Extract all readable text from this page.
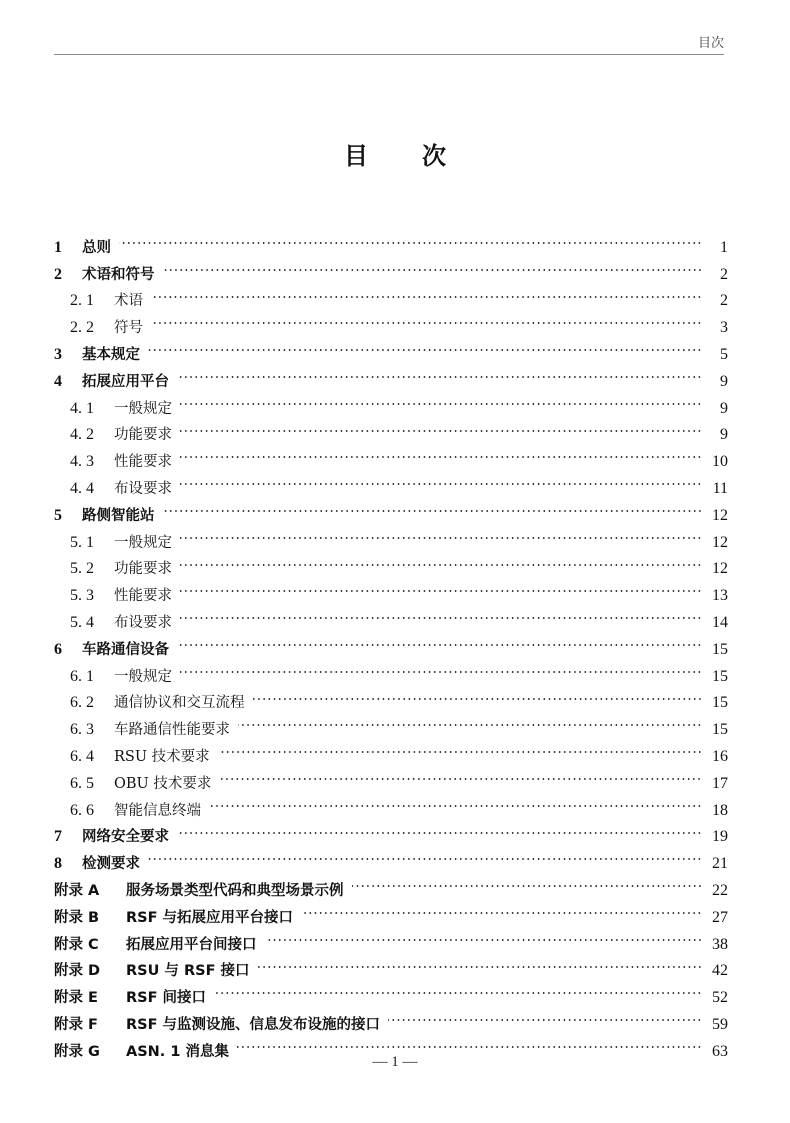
目次
目 次
1	总则	1
2	术语和符号	2
2. 1	术语	2
2. 2	符号	3
3	基本规定	5
4	拓展应用平台	9
4. 1	一般规定	9
4. 2	功能要求	9
4. 3	性能要求	10
4. 4	布设要求	11
5	路侧智能站	12
5. 1	一般规定	12
5. 2	功能要求	12
5. 3	性能要求	13
5. 4	布设要求	14
6	车路通信设备	15
6. 1	一般规定	15
6. 2	通信协议和交互流程	15
6. 3	车路通信性能要求	15
6. 4	RSU 技术要求	16
6. 5	OBU 技术要求	17
6. 6	智能信息终端	18
7	网络安全要求	19
8	检测要求	21
附录 A	服务场景类型代码和典型场景示例	22
附录 B	RSF 与拓展应用平台接口	27
附录 C	拓展应用平台间接口	38
附录 D	RSU 与 RSF 接口	42
附录 E	RSF 间接口	52
附录 F	RSF 与监测设施、信息发布设施的接口	59
附录 G	ASN. 1 消息集	63
— 1 —
